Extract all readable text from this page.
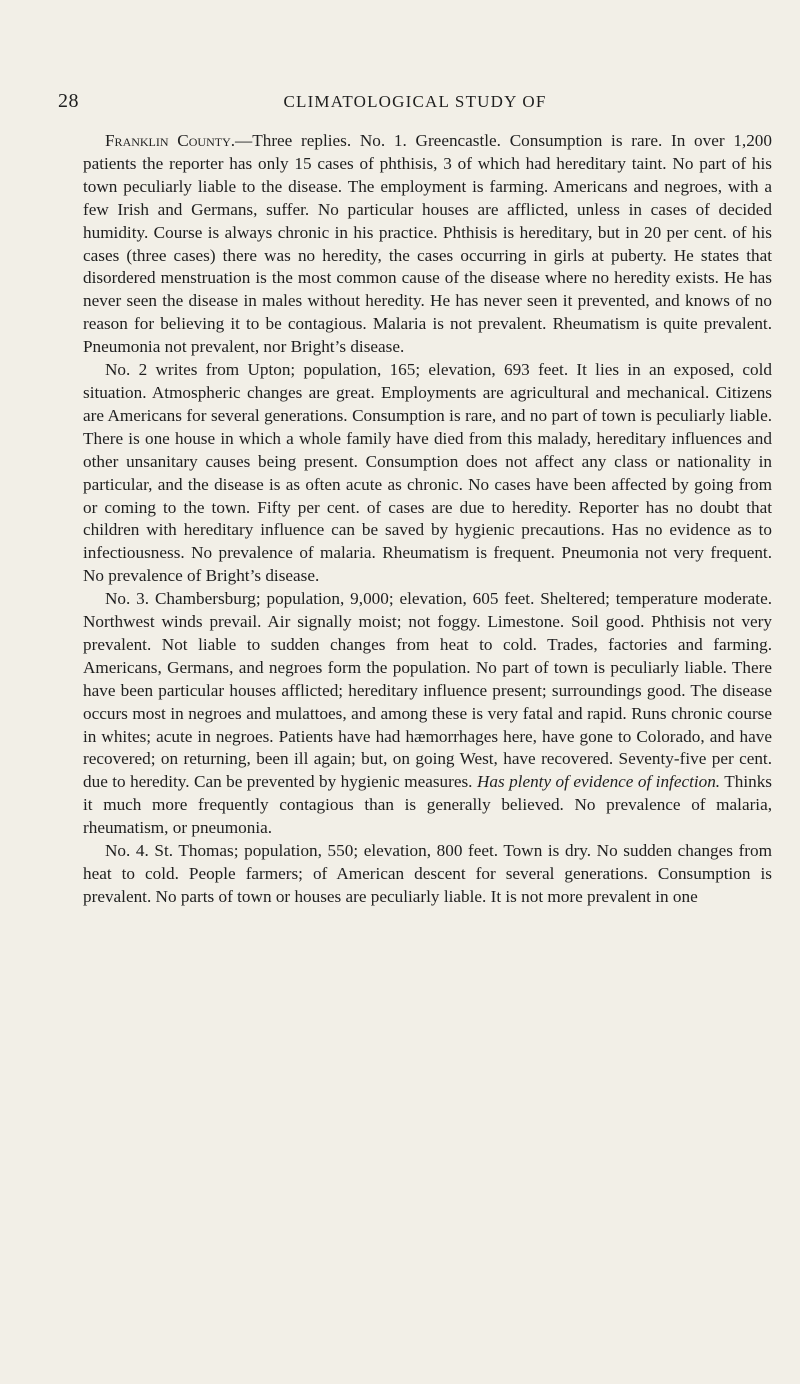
28	CLIMATOLOGICAL STUDY OF

Franklin County.—Three replies. No. 1. Greencastle. Consumption is rare. In over 1,200 patients the reporter has only 15 cases of phthisis, 3 of which had hereditary taint. No part of his town peculiarly liable to the disease. The employment is farming. Americans and negroes, with a few Irish and Germans, suffer. No particular houses are afflicted, unless in cases of decided humidity. Course is always chronic in his practice. Phthisis is hereditary, but in 20 per cent. of his cases (three cases) there was no heredity, the cases occurring in girls at puberty. He states that disordered menstruation is the most common cause of the disease where no heredity exists. He has never seen the disease in males without heredity. He has never seen it prevented, and knows of no reason for believing it to be contagious. Malaria is not prevalent. Rheumatism is quite prevalent. Pneumonia not prevalent, nor Bright’s disease.

No. 2 writes from Upton; population, 165; elevation, 693 feet. It lies in an exposed, cold situation. Atmospheric changes are great. Employments are agricultural and mechanical. Citizens are Americans for several generations. Consumption is rare, and no part of town is peculiarly liable. There is one house in which a whole family have died from this malady, hereditary influences and other unsanitary causes being present. Consumption does not affect any class or nationality in particular, and the disease is as often acute as chronic. No cases have been affected by going from or coming to the town. Fifty per cent. of cases are due to heredity. Reporter has no doubt that children with hereditary influence can be saved by hygienic precautions. Has no evidence as to infectiousness. No prevalence of malaria. Rheumatism is frequent. Pneumonia not very frequent. No prevalence of Bright’s disease.

No. 3. Chambersburg; population, 9,000; elevation, 605 feet. Sheltered; temperature moderate. Northwest winds prevail. Air signally moist; not foggy. Limestone. Soil good. Phthisis not very prevalent. Not liable to sudden changes from heat to cold. Trades, factories and farming. Americans, Germans, and negroes form the population. No part of town is peculiarly liable. There have been particular houses afflicted; hereditary influence present; surroundings good. The disease occurs most in negroes and mulattoes, and among these is very fatal and rapid. Runs chronic course in whites; acute in negroes. Patients have had hæmorrhages here, have gone to Colorado, and have recovered; on returning, been ill again; but, on going West, have recovered. Seventy-five per cent. due to heredity. Can be prevented by hygienic measures. Has plenty of evidence of infection. Thinks it much more frequently contagious than is generally believed. No prevalence of malaria, rheumatism, or pneumonia.

No. 4. St. Thomas; population, 550; elevation, 800 feet. Town is dry. No sudden changes from heat to cold. People farmers; of American descent for several generations. Consumption is prevalent. No parts of town or houses are peculiarly liable. It is not more prevalent in one
